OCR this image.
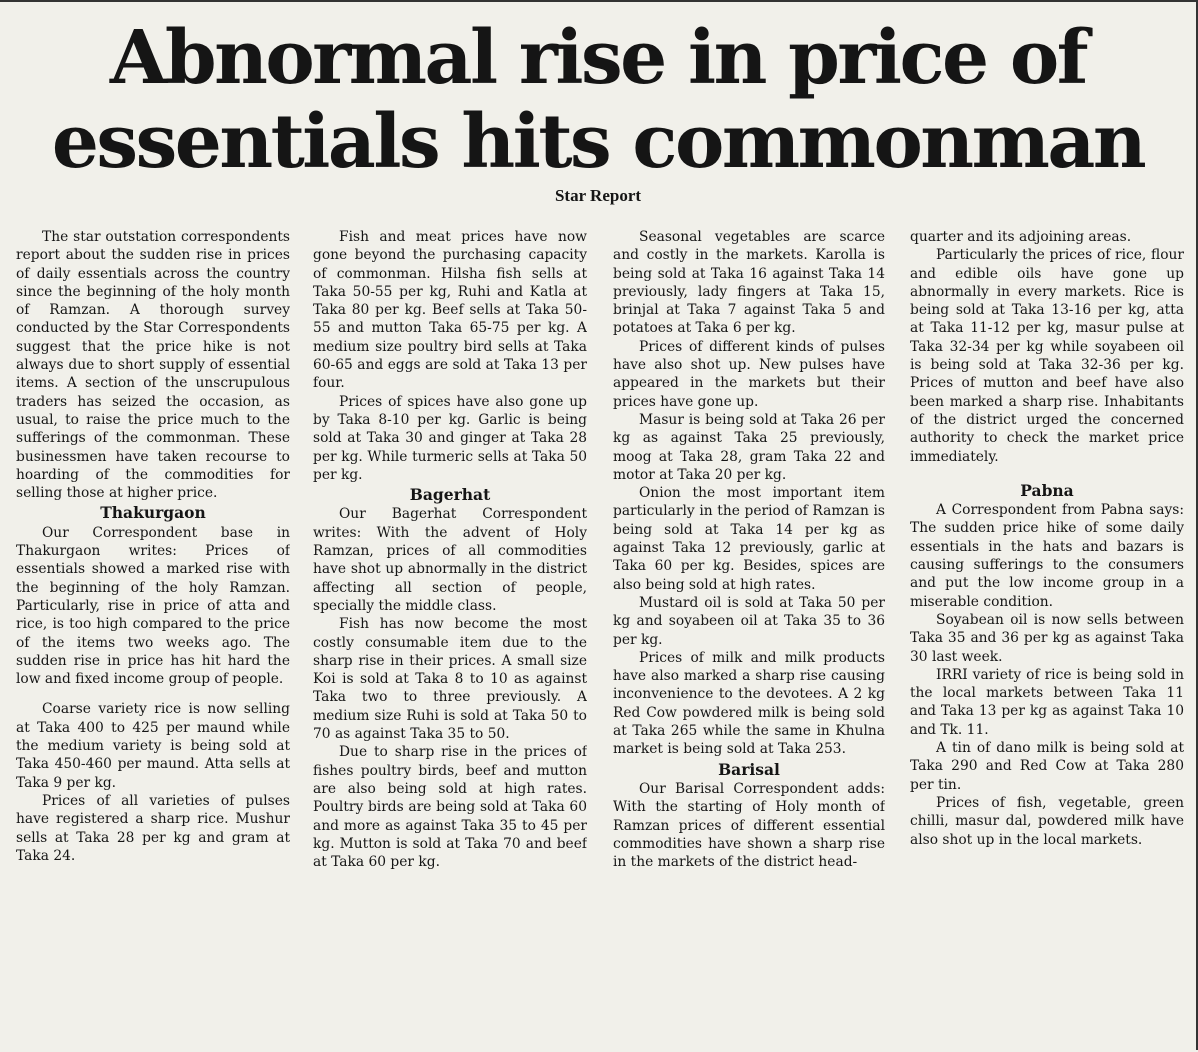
Abnormal rise in price of essentials hits commonman
Star Report

The star outstation correspondents report about the sudden rise in prices of daily essentials across the country since the beginning of the holy month of Ramzan. A thorough survey conducted by the Star Correspondents suggest that the price hike is not always due to short supply of essential items. A section of the unscrupulous traders has seized the occasion, as usual, to raise the price much to the sufferings of the commonman. These businessmen have taken recourse to hoarding of the commodities for selling those at higher price.

Thakurgaon

Our Correspondent base in Thakurgaon writes: Prices of essentials showed a marked rise with the beginning of the holy Ramzan. Particularly, rise in price of atta and rice, is too high compared to the price of the items two weeks ago. The sudden rise in price has hit hard the low and fixed income group of people.

Coarse variety rice is now selling at Taka 400 to 425 per maund while the medium variety is being sold at Taka 450-460 per maund. Atta sells at Taka 9 per kg.

Prices of all varieties of pulses have registered a sharp rice. Mushur sells at Taka 28 per kg and gram at Taka 24.

Fish and meat prices have now gone beyond the purchasing capacity of commonman. Hilsha fish sells at Taka 50-55 per kg, Ruhi and Katla at Taka 80 per kg. Beef sells at Taka 50-55 and mutton Taka 65-75 per kg. A medium size poultry bird sells at Taka 60-65 and eggs are sold at Taka 13 per four.

Prices of spices have also gone up by Taka 8-10 per kg. Garlic is being sold at Taka 30 and ginger at Taka 28 per kg. While turmeric sells at Taka 50 per kg.

Bagerhat

Our Bagerhat Correspondent writes: With the advent of Holy Ramzan, prices of all commodities have shot up abnormally in the district affecting all section of people, specially the middle class.

Fish has now become the most costly consumable item due to the sharp rise in their prices. A small size Koi is sold at Taka 8 to 10 as against Taka two to three previously. A medium size Ruhi is sold at Taka 50 to 70 as against Taka 35 to 50.

Due to sharp rise in the prices of fishes poultry birds, beef and mutton are also being sold at high rates. Poultry birds are being sold at Taka 60 and more as against Taka 35 to 45 per kg. Mutton is sold at Taka 70 and beef at Taka 60 per kg.

Seasonal vegetables are scarce and costly in the markets. Karolla is being sold at Taka 16 against Taka 14 previously, lady fingers at Taka 15, brinjal at Taka 7 against Taka 5 and potatoes at Taka 6 per kg.

Prices of different kinds of pulses have also shot up. New pulses have appeared in the markets but their prices have gone up.

Masur is being sold at Taka 26 per kg as against Taka 25 previously, moog at Taka 28, gram Taka 22 and motor at Taka 20 per kg.

Onion the most important item particularly in the period of Ramzan is being sold at Taka 14 per kg as against Taka 12 previously, garlic at Taka 60 per kg. Besides, spices are also being sold at high rates.

Mustard oil is sold at Taka 50 per kg and soyabeen oil at Taka 35 to 36 per kg.

Prices of milk and milk products have also marked a sharp rise causing inconvenience to the devotees. A 2 kg Red Cow powdered milk is being sold at Taka 265 while the same in Khulna market is being sold at Taka 253.

Barisal

Our Barisal Correspondent adds: With the starting of Holy month of Ramzan prices of different essential commodities have shown a sharp rise in the markets of the district head-

quarter and its adjoining areas.

Particularly the prices of rice, flour and edible oils have gone up abnormally in every markets. Rice is being sold at Taka 13-16 per kg, atta at Taka 11-12 per kg, masur pulse at Taka 32-34 per kg while soyabeen oil is being sold at Taka 32-36 per kg. Prices of mutton and beef have also been marked a sharp rise. Inhabitants of the district urged the concerned authority to check the market price immediately.

Pabna

A Correspondent from Pabna says: The sudden price hike of some daily essentials in the hats and bazars is causing sufferings to the consumers and put the low income group in a miserable condition.

Soyabean oil is now sells between Taka 35 and 36 per kg as against Taka 30 last week.

IRRI variety of rice is being sold in the local markets between Taka 11 and Taka 13 per kg as against Taka 10 and Tk. 11.

A tin of dano milk is being sold at Taka 290 and Red Cow at Taka 280 per tin.

Prices of fish, vegetable, green chilli, masur dal, powdered milk have also shot up in the local markets.
